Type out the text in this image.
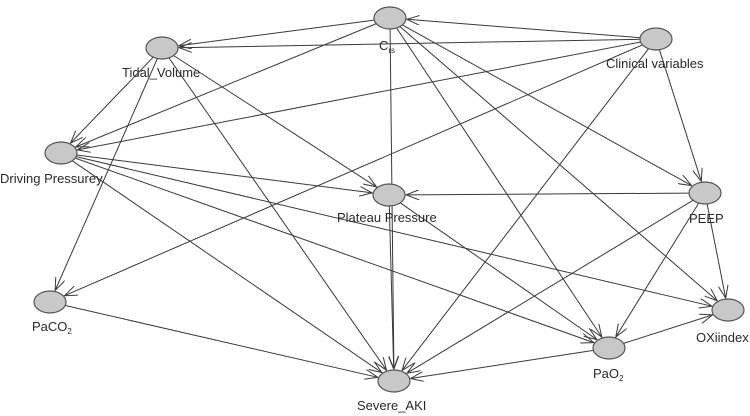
$C_{rs}$
Tidal_Volume
Clinical variables
Driving Pressurey
Plateau Pressure	PEEP
PaCO$_2$	OXiindex
PaO$_2$
Severe_AKI
